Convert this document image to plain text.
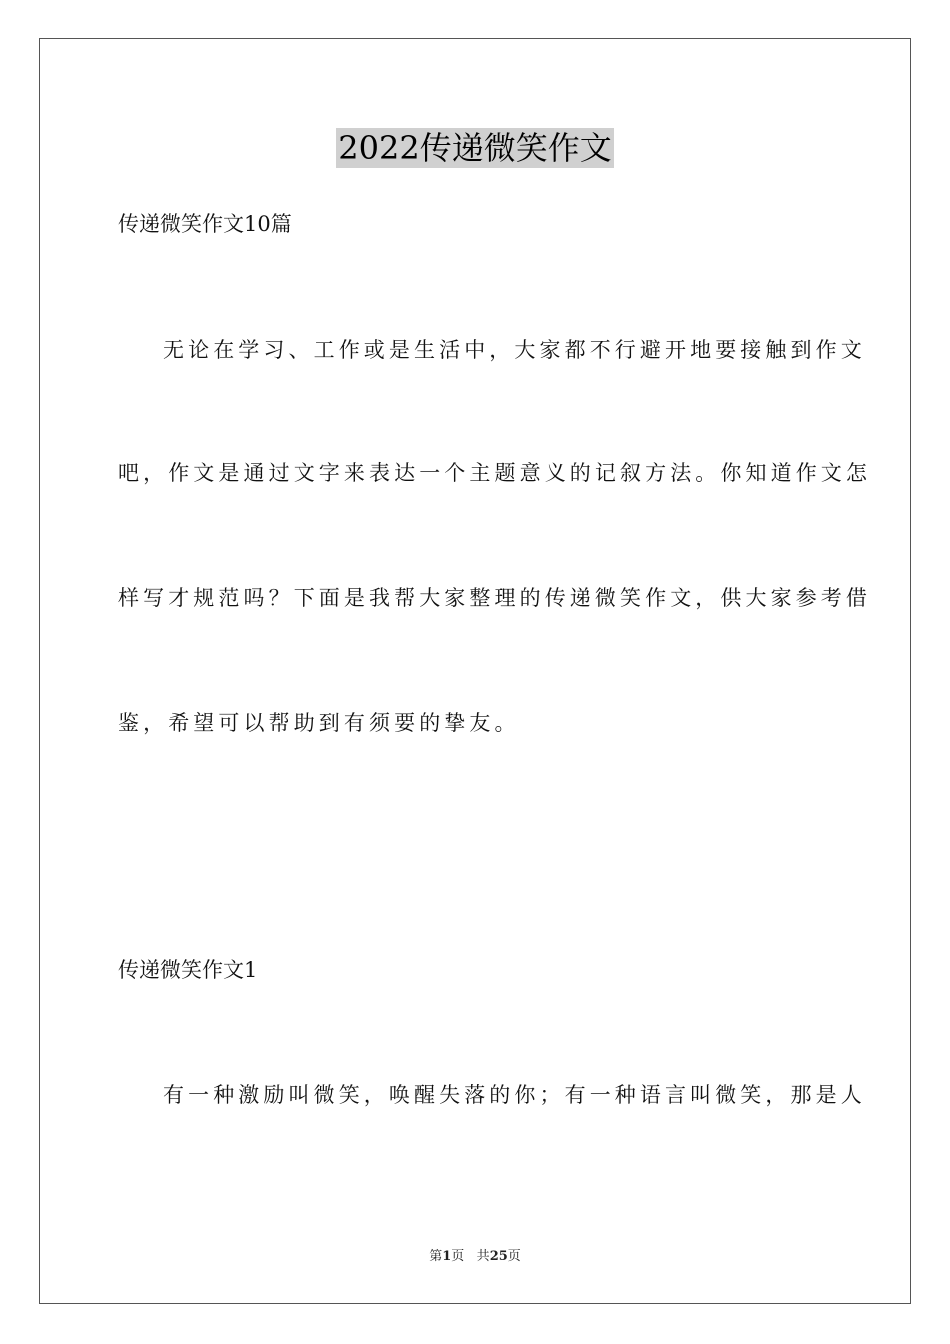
2022传递微笑作文
传递微笑作文10篇
无论在学习、工作或是生活中，大家都不行避开地要接触到作文
吧，作文是通过文字来表达一个主题意义的记叙方法。你知道作文怎
样写才规范吗？下面是我帮大家整理的传递微笑作文，供大家参考借
鉴，希望可以帮助到有须要的挚友。
传递微笑作文1
有一种激励叫微笑，唤醒失落的你；有一种语言叫微笑，那是人
第1页 共25页
